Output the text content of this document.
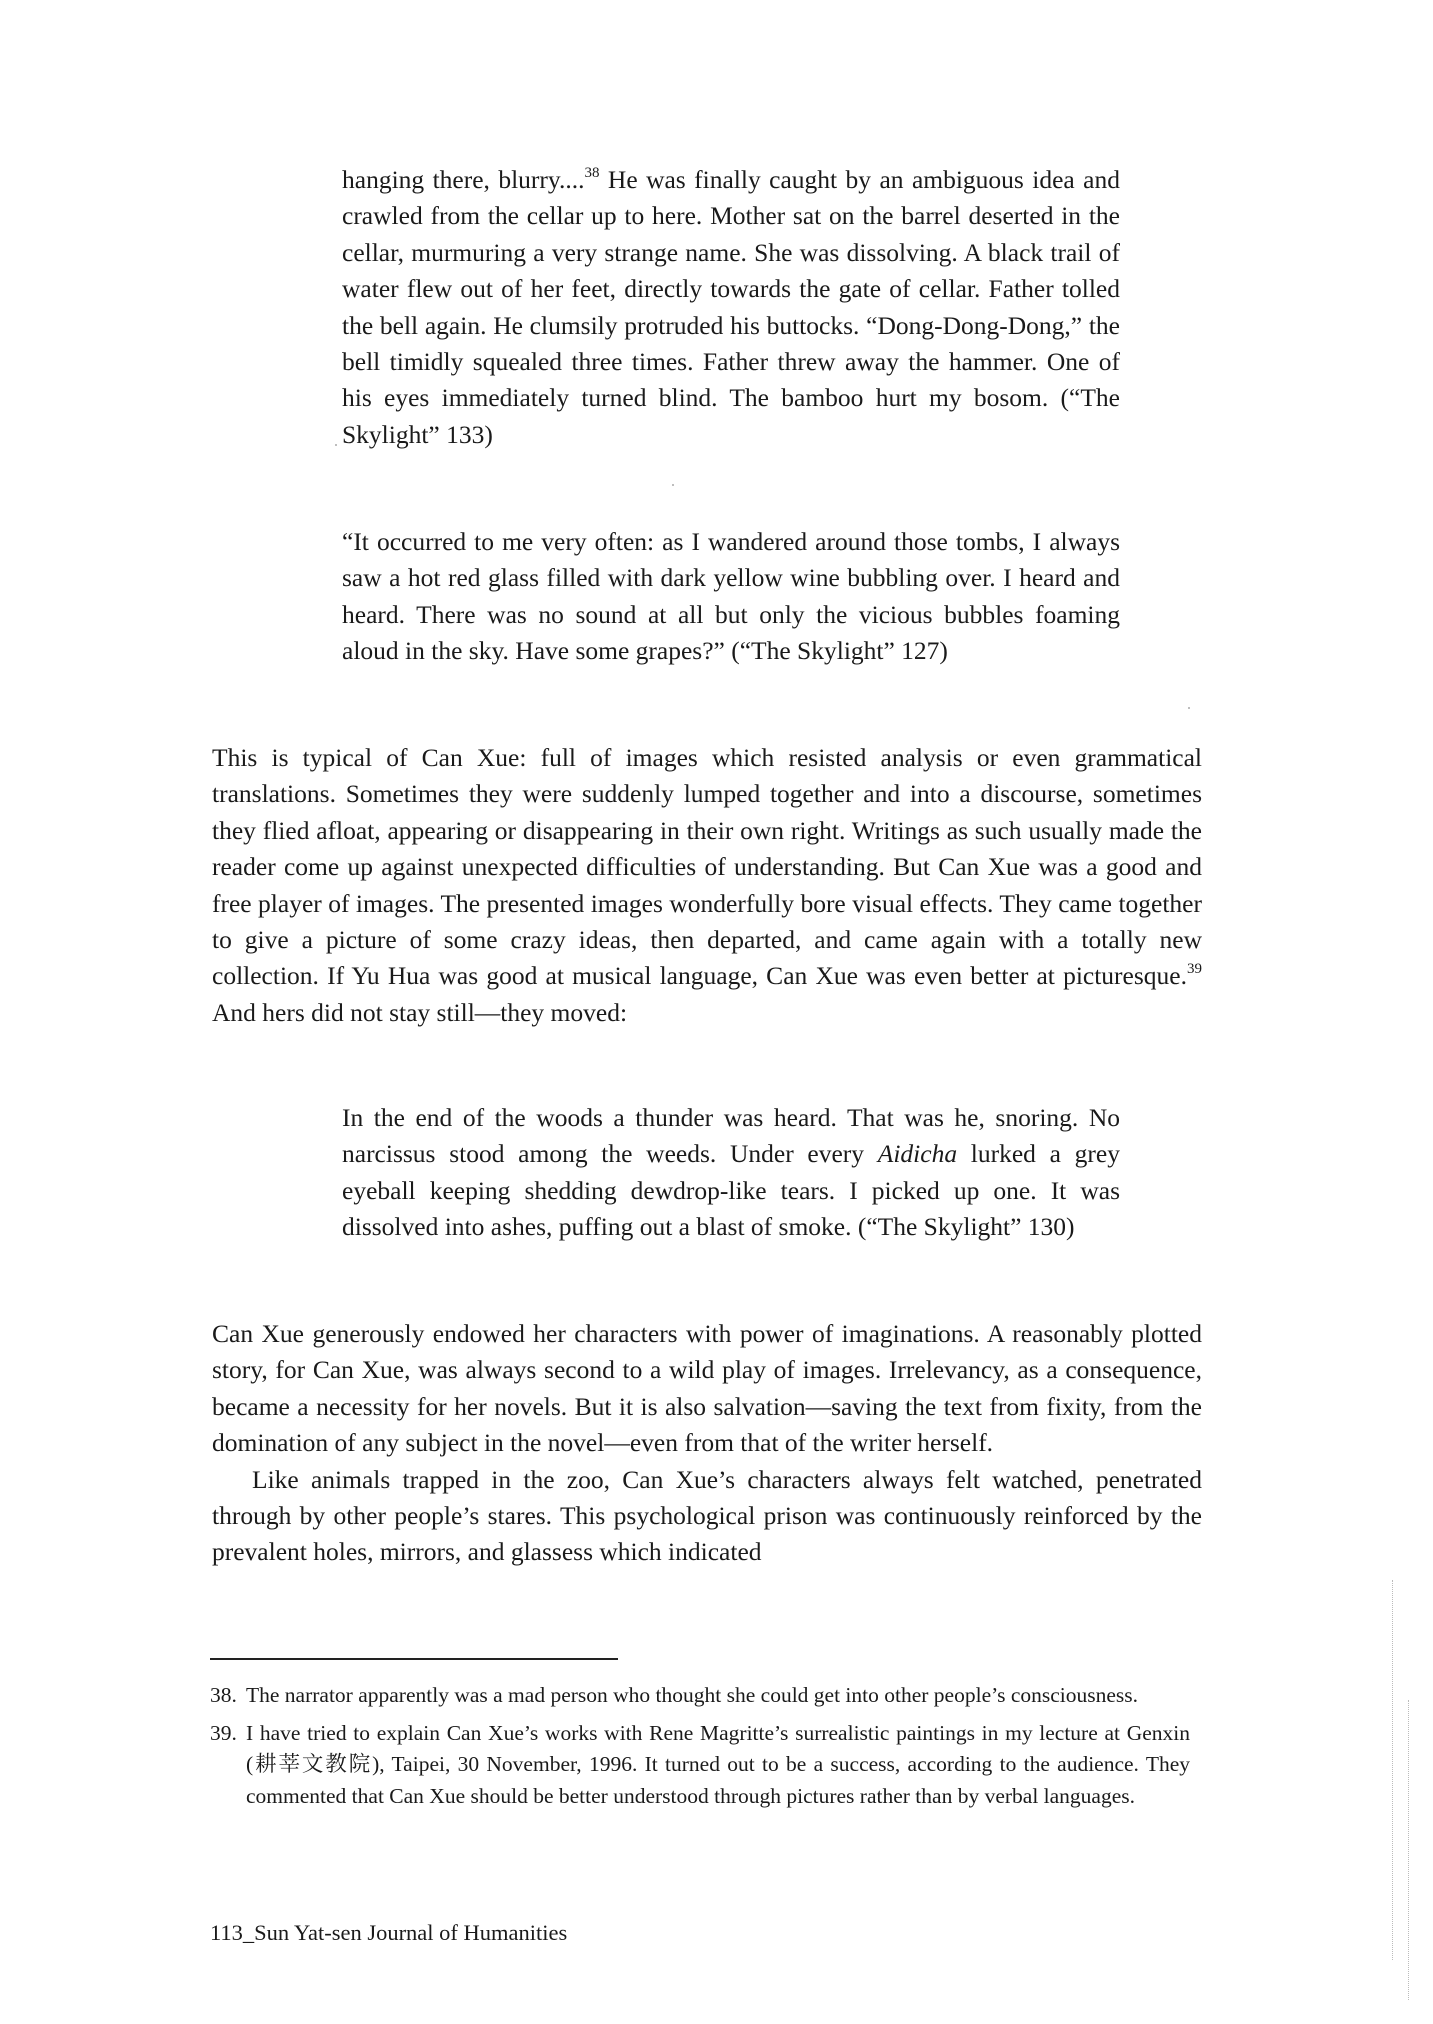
hanging there, blurry....$^{38}$ He was finally caught by an ambiguous idea and crawled from the cellar up to here. Mother sat on the barrel deserted in the cellar, murmuring a very strange name. She was dissolving. A black trail of water flew out of her feet, directly towards the gate of cellar. Father tolled the bell again. He clumsily protruded his buttocks. “Dong-Dong-Dong,” the bell timidly squealed three times. Father threw away the hammer. One of his eyes immediately turned blind. The bamboo hurt my bosom. (“The Skylight” 133)

“It occurred to me very often: as I wandered around those tombs, I always saw a hot red glass filled with dark yellow wine bubbling over. I heard and heard. There was no sound at all but only the vicious bubbles foaming aloud in the sky. Have some grapes?” (“The Skylight” 127)

This is typical of Can Xue: full of images which resisted analysis or even grammatical translations. Sometimes they were suddenly lumped together and into a discourse, sometimes they flied afloat, appearing or disappearing in their own right. Writings as such usually made the reader come up against unexpected difficulties of understanding. But Can Xue was a good and free player of images. The presented images wonderfully bore visual effects. They came together to give a picture of some crazy ideas, then departed, and came again with a totally new collection. If Yu Hua was good at musical language, Can Xue was even better at picturesque.$^{39}$ And hers did not stay still—they moved:

In the end of the woods a thunder was heard. That was he, snoring. No narcissus stood among the weeds. Under every Aidicha lurked a grey eyeball keeping shedding dewdrop-like tears. I picked up one. It was dissolved into ashes, puffing out a blast of smoke. (“The Skylight” 130)

Can Xue generously endowed her characters with power of imaginations. A reasonably plotted story, for Can Xue, was always second to a wild play of images. Irrelevancy, as a consequence, became a necessity for her novels. But it is also salvation—saving the text from fixity, from the domination of any subject in the novel—even from that of the writer herself.

Like animals trapped in the zoo, Can Xue’s characters always felt watched, penetrated through by other people’s stares. This psychological prison was continuously reinforced by the prevalent holes, mirrors, and glassess which indicated

38. The narrator apparently was a mad person who thought she could get into other people’s consciousness.
39. I have tried to explain Can Xue’s works with Rene Magritte’s surrealistic paintings in my lecture at Genxin (耕莘文教院), Taipei, 30 November, 1996. It turned out to be a success, according to the audience. They commented that Can Xue should be better understood through pictures rather than by verbal languages.
113_Sun Yat-sen Journal of Humanities
